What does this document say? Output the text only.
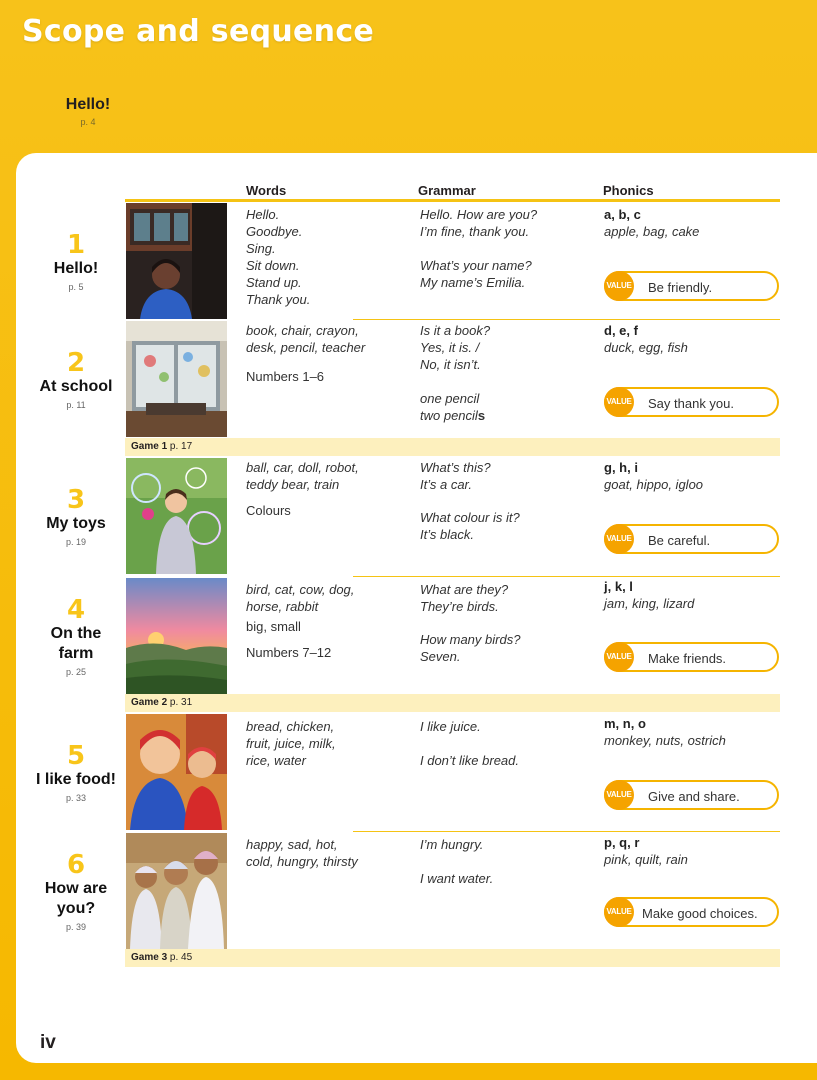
Scope and sequence
Hello!
p. 4
Words	Grammar	Phonics
1
Hello!
p. 5
Hello.
Goodbye.
Sing.
Sit down.
Stand up.
Thank you.
Hello. How are you?
I’m fine, thank you.
What’s your name?
My name’s Emilia.
a, b, c
apple, bag, cake
VALUE Be friendly.
2
At school
p. 11
book, chair, crayon,
desk, pencil, teacher
Numbers 1–6
Is it a book?
Yes, it is. /
No, it isn’t.
one pencil
two pencils
d, e, f
duck, egg, fish
VALUE Say thank you.
Game 1 p. 17
3
My toys
p. 19
ball, car, doll, robot,
teddy bear, train
Colours
What’s this?
It’s a car.
What colour is it?
It’s black.
g, h, i
goat, hippo, igloo
VALUE Be careful.
4
On the
farm
p. 25
bird, cat, cow, dog,
horse, rabbit
big, small
Numbers 7–12
What are they?
They’re birds.
How many birds?
Seven.
j, k, l
jam, king, lizard
VALUE Make friends.
Game 2 p. 31
5
I like food!
p. 33
bread, chicken,
fruit, juice, milk,
rice, water
I like juice.
I don’t like bread.
m, n, o
monkey, nuts, ostrich
VALUE Give and share.
6
How are
you?
p. 39
happy, sad, hot,
cold, hungry, thirsty
I’m hungry.
I want water.
p, q, r
pink, quilt, rain
VALUE Make good choices.
Game 3 p. 45
iv
